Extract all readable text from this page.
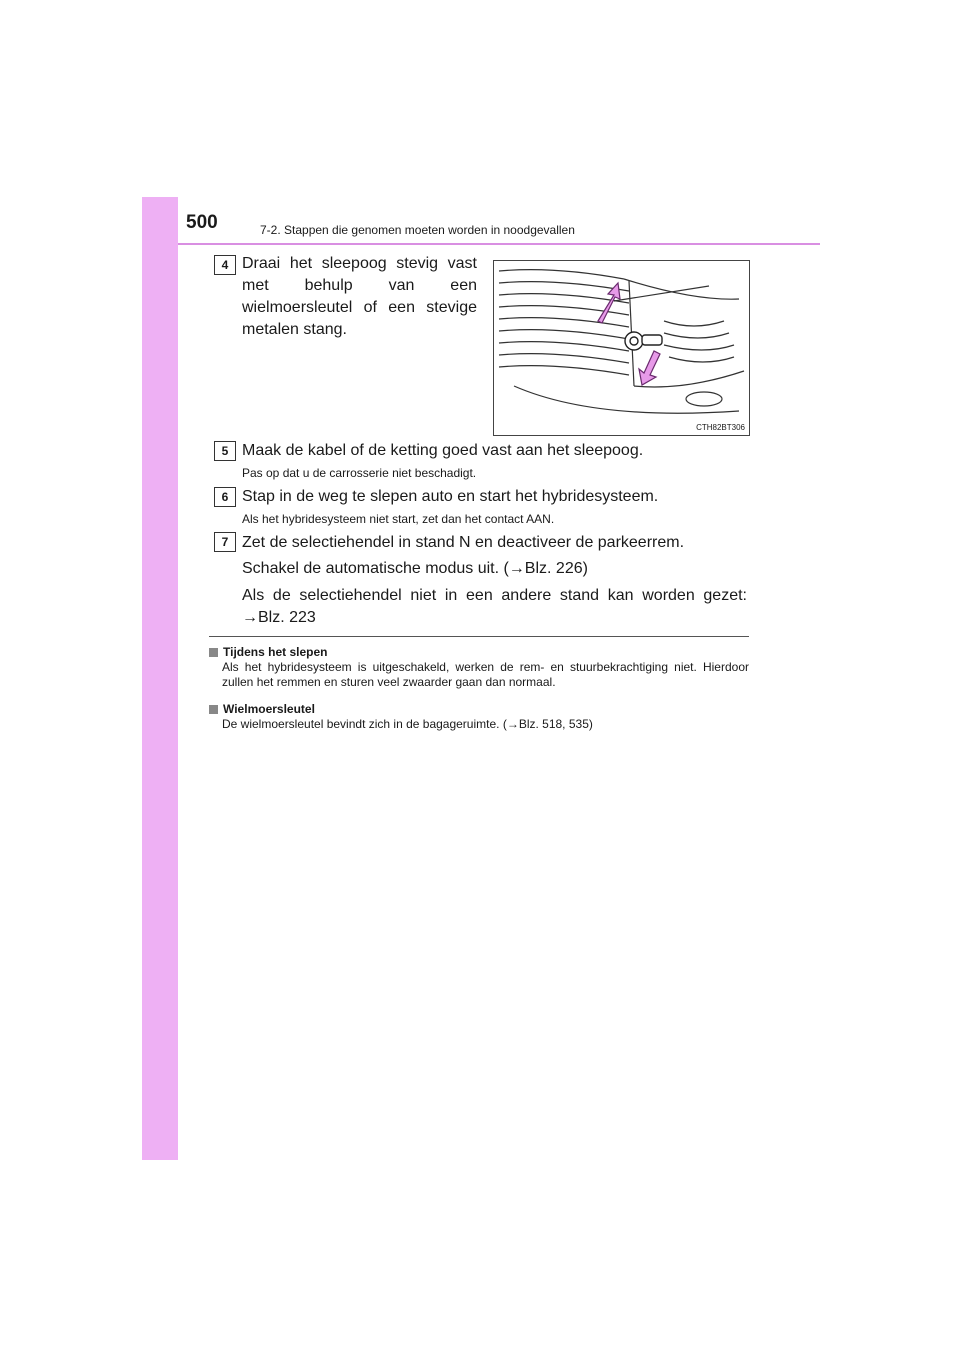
500	7-2. Stappen die genomen moeten worden in noodgevallen
4 Draai het sleepoog stevig vast met behulp van een wielmoersleutel of een stevige metalen stang.
CTH82BT306
5 Maak de kabel of de ketting goed vast aan het sleepoog.
Pas op dat u de carrosserie niet beschadigt.
6 Stap in de weg te slepen auto en start het hybridesysteem.
Als het hybridesysteem niet start, zet dan het contact AAN.
7 Zet de selectiehendel in stand N en deactiveer de parkeerrem.
Schakel de automatische modus uit. (→Blz. 226)
Als de selectiehendel niet in een andere stand kan worden gezet: →Blz. 223
Tijdens het slepen
Als het hybridesysteem is uitgeschakeld, werken de rem- en stuurbekrachtiging niet. Hierdoor zullen het remmen en sturen veel zwaarder gaan dan normaal.
Wielmoersleutel
De wielmoersleutel bevindt zich in de bagageruimte. (→Blz. 518, 535)
